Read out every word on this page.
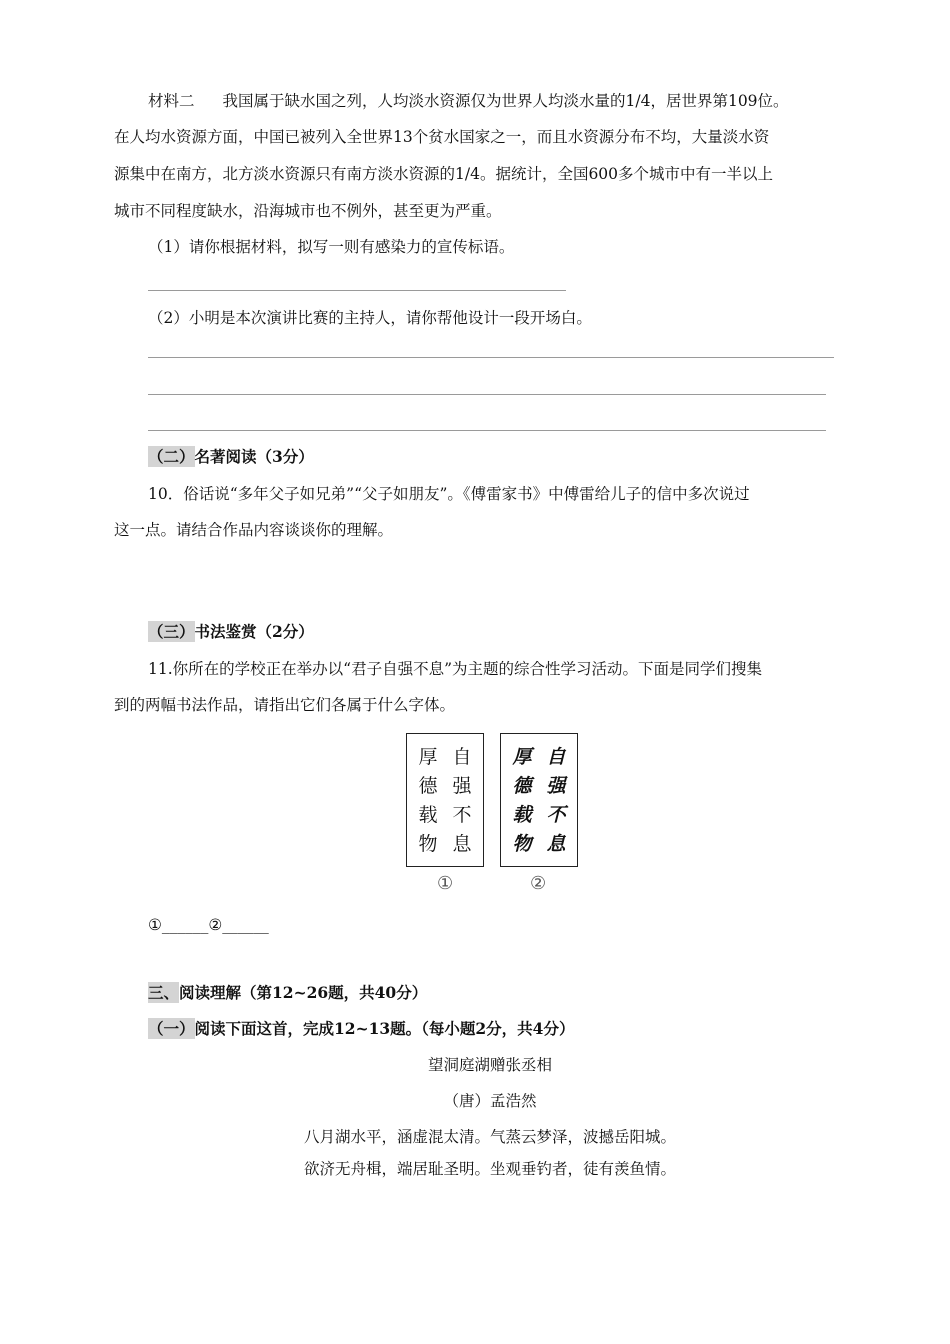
材料二 我国属于缺水国之列，人均淡水资源仅为世界人均淡水量的1/4，居世界第109位。
在人均水资源方面，中国已被列入全世界13个贫水国家之一，而且水资源分布不均，大量淡水资
源集中在南方，北方淡水资源只有南方淡水资源的1/4。据统计，全国600多个城市中有一半以上
城市不同程度缺水，沿海城市也不例外，甚至更为严重。
（1）请你根据材料，拟写一则有感染力的宣传标语。
（2）小明是本次演讲比赛的主持人，请你帮他设计一段开场白。
（二）名著阅读（3分）
10．俗话说“多年父子如兄弟”“父子如朋友”。《傅雷家书》中傅雷给儿子的信中多次说过
这一点。请结合作品内容谈谈你的理解。
（三）书法鉴赏（2分）
11.你所在的学校正在举办以“君子自强不息”为主题的综合性学习活动。下面是同学们搜集
到的两幅书法作品，请指出它们各属于什么字体。
厚
德
载
物
自
强
不
息
①
厚
德
载
物
自
强
不
息
②
①______②______
三、阅读理解（第12~26题，共40分）
（一）阅读下面这首，完成12~13题。（每小题2分，共4分）
望洞庭湖赠张丞相
（唐）孟浩然
八月湖水平，涵虚混太清。气蒸云梦泽，波撼岳阳城。
欲济无舟楫，端居耻圣明。坐观垂钓者，徒有羡鱼情。
